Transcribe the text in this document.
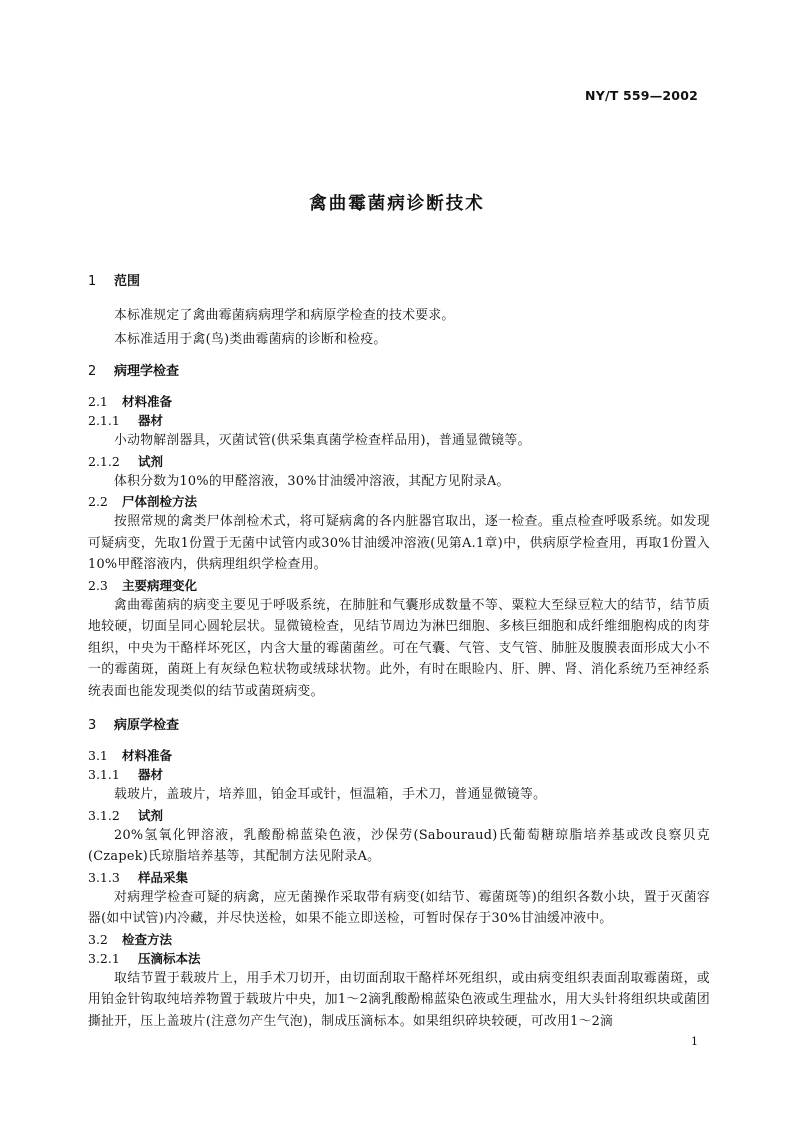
NY/T 559—2002
禽曲霉菌病诊断技术
1 范围
本标准规定了禽曲霉菌病病理学和病原学检查的技术要求。
本标准适用于禽(鸟)类曲霉菌病的诊断和检疫。
2 病理学检查
2.1 材料准备
2.1.1 器材
小动物解剖器具，灭菌试管(供采集真菌学检查样品用)，普通显微镜等。
2.1.2 试剂
体积分数为10%的甲醛溶液，30%甘油缓冲溶液，其配方见附录A。
2.2 尸体剖检方法
按照常规的禽类尸体剖检术式，将可疑病禽的各内脏器官取出，逐一检查。重点检查呼吸系统。如发现可疑病变，先取1份置于无菌中试管内或30%甘油缓冲溶液(见第A.1章)中，供病原学检查用，再取1份置入10%甲醛溶液内，供病理组织学检查用。
2.3 主要病理变化
禽曲霉菌病的病变主要见于呼吸系统，在肺脏和气囊形成数量不等、粟粒大至绿豆粒大的结节，结节质地较硬，切面呈同心圆轮层状。显微镜检查，见结节周边为淋巴细胞、多核巨细胞和成纤维细胞构成的肉芽组织，中央为干酪样坏死区，内含大量的霉菌菌丝。可在气囊、气管、支气管、肺脏及腹膜表面形成大小不一的霉菌斑，菌斑上有灰绿色粒状物或绒球状物。此外，有时在眼睑内、肝、脾、肾、消化系统乃至神经系统表面也能发现类似的结节或菌斑病变。
3 病原学检查
3.1 材料准备
3.1.1 器材
载玻片，盖玻片，培养皿，铂金耳或针，恒温箱，手术刀，普通显微镜等。
3.1.2 试剂
20%氢氧化钾溶液，乳酸酚棉蓝染色液，沙保劳(Sabouraud)氏葡萄糖琼脂培养基或改良察贝克(Czapek)氏琼脂培养基等，其配制方法见附录A。
3.1.3 样品采集
对病理学检查可疑的病禽，应无菌操作采取带有病变(如结节、霉菌斑等)的组织各数小块，置于灭菌容器(如中试管)内冷藏，并尽快送检，如果不能立即送检，可暂时保存于30%甘油缓冲液中。
3.2 检查方法
3.2.1 压滴标本法
取结节置于载玻片上，用手术刀切开，由切面刮取干酪样坏死组织，或由病变组织表面刮取霉菌斑，或用铂金针钩取纯培养物置于载玻片中央，加1～2滴乳酸酚棉蓝染色液或生理盐水，用大头针将组织块或菌团撕扯开，压上盖玻片(注意勿产生气泡)，制成压滴标本。如果组织碎块较硬，可改用1～2滴
1
